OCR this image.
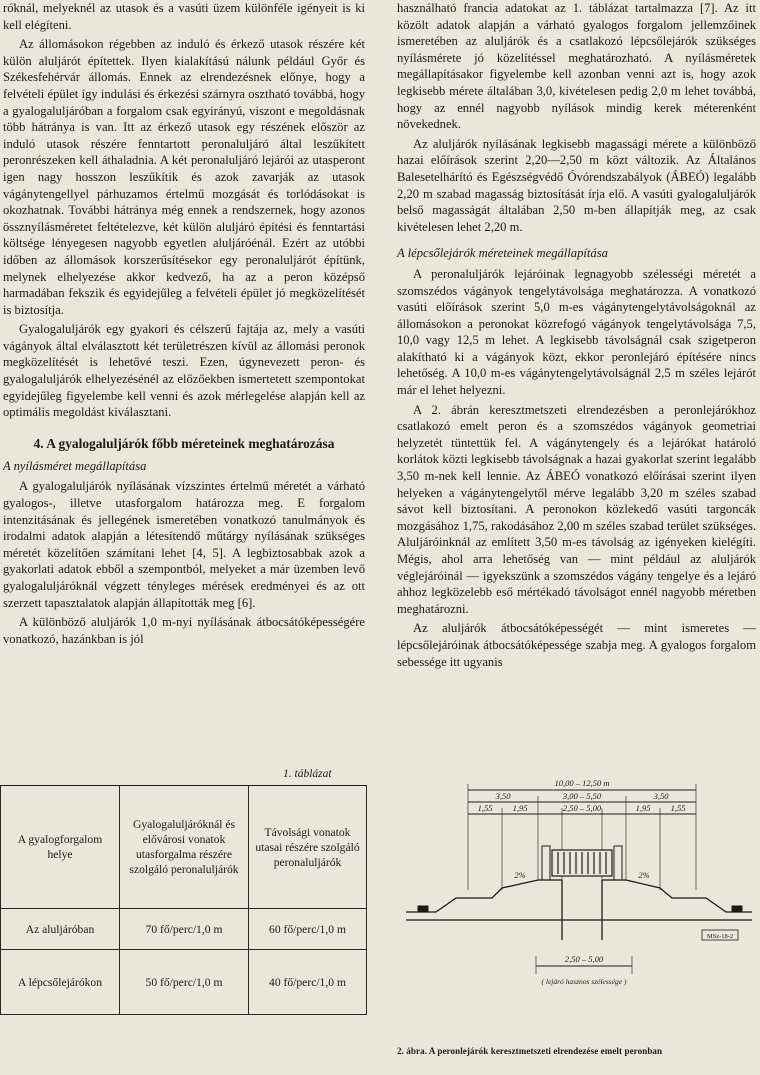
róknál, melyeknél az utasok és a vasúti üzem különféle igényeit is ki kell elégíteni.

Az állomásokon régebben az induló és érkező utasok részére két külön aluljárót építettek. Ilyen kialakítású nálunk például Győr és Székesfehérvár állomás. Ennek az elrendezésnek előnye, hogy a felvételi épület így indulási és érkezési szárnyra osztható továbbá, hogy a gyalogaluljáróban a forgalom csak egyirányú, viszont e megoldásnak több hátránya is van. Itt az érkező utasok egy részének először az induló utasok részére fenntartott peronaluljáró által leszűkített peronrészeken kell áthaladnia. A két peronaluljáró lejárói az utasperont igen nagy hosszon leszűkítik és azok zavarják az utasok vágánytengellyel párhuzamos értelmű mozgását és torlódásokat is okozhatnak. További hátránya még ennek a rendszernek, hogy azonos össznyílásméretet feltételezve, két külön aluljáró építési és fenntartási költsége lényegesen nagyobb egyetlen aluljáróénál. Ezért az utóbbi időben az állomások korszerűsítésekor egy peronaluljárót építünk, melynek elhelyezése akkor kedvező, ha az a peron középső harmadában fekszik és egyidejűleg a felvételi épület jó megközelítését is biztosítja.

Gyalogaluljárók egy gyakori és célszerű fajtája az, mely a vasúti vágányok által elválasztott két területrészen kívül az állomási peronok megközelítését is lehetővé teszi. Ezen, úgynevezett peron- és gyalogaluljárók elhelyezésénél az előzőekben ismertetett szempontokat egyidejűleg figyelembe kell venni és azok mérlegelése alapján kell az optimális megoldást kiválasztani.

4. A gyalogaluljárók főbb méreteinek meghatározása
A nyílásméret megállapítása

A gyalogaluljárók nyílásának vízszintes értelmű méretét a várható gyalogos-, illetve utasforgalom határozza meg. E forgalom intenzitásának és jellegének ismeretében vonatkozó tanulmányok és irodalmi adatok alapján a létesítendő műtárgy nyílásának szükséges méretét közelítően számítani lehet [4, 5]. A legbiztosabbak azok a gyakorlati adatok ebből a szempontból, melyeket a már üzemben levő gyalogaluljáróknál végzett tényleges mérések eredményei és az ott szerzett tapasztalatok alapján állapították meg [6].

A különböző aluljárók 1,0 m-nyi nyílásának átbocsátóképességére vonatkozó, hazánkban is jól

1. táblázat
A gyalogforgalom helye	Gyalogaluljáróknál és elővárosi vonatok utasforgalma részére szolgáló peronaluljárók	Távolsági vonatok utasai részére szolgáló peronaluljárók
Az aluljáróban	70 fő/perc/1,0 m	60 fő/perc/1,0 m
A lépcsőlejárókon	50 fő/perc/1,0 m	40 fő/perc/1,0 m

használható francia adatokat az 1. táblázat tartalmazza [7]. Az itt közölt adatok alapján a várható gyalogos forgalom jellemzőinek ismeretében az aluljárók és a csatlakozó lépcsőlejárók szükséges nyílásmérete jó közelítéssel meghatározható. A nyílásméretek megállapításakor figyelembe kell azonban venni azt is, hogy azok legkisebb mérete általában 3,0, kivételesen pedig 2,0 m lehet továbbá, hogy az ennél nagyobb nyílások mindig kerek méterenként növekednek.

Az aluljárók nyílásának legkisebb magassági mérete a különböző hazai előírások szerint 2,20—2,50 m közt változik. Az Általános Balesetelhárító és Egészségvédő Óvórendszabályok (ÁBEÓ) legalább 2,20 m szabad magasság biztosítását írja elő. A vasúti gyalogaluljárók belső magasságát általában 2,50 m-ben állapítják meg, az csak kivételesen lehet 2,20 m.

A lépcsőlejárók méreteinek megállapítása

A peronaluljárók lejáróinak legnagyobb szélességi méretét a szomszédos vágányok tengelytávolsága meghatározza. A vonatkozó vasúti előírások szerint 5,0 m-es vágánytengelytávolságoknál az állomásokon a peronokat közrefogó vágányok tengelytávolsága 7,5, 10,0 vagy 12,5 m lehet. A legkisebb távolságnál csak szigetperon alakítható ki a vágányok közt, ekkor peronlejáró építésére nincs lehetőség. A 10,0 m-es vágánytengelytávolságnál 2,5 m széles lejárót már el lehet helyezni.

A 2. ábrán keresztmetszeti elrendezésben a peronlejárókhoz csatlakozó emelt peron és a szomszédos vágányok geometriai helyzetét tüntettük fel. A vágánytengely és a lejárókat határoló korlátok közti legkisebb távolságnak a hazai gyakorlat szerint legalább 3,50 m-nek kell lennie. Az ÁBEÓ vonatkozó előírásai szerint ilyen helyeken a vágánytengelytől mérve legalább 3,20 m széles szabad sávot kell biztosítani. A peronokon közlekedő vasúti targoncák mozgásához 1,75, rakodásához 2,00 m széles szabad terület szükséges. Aluljáróinknál az említett 3,50 m-es távolság az igényeken kielégíti. Mégis, ahol arra lehetőség van — mint például az aluljárók véglejáróinál — igyekszünk a szomszédos vágány tengelye és a lejáró ahhoz legközelebb eső mértékadó távolságot ennél nagyobb méretben meghatározni.

Az aluljárók átbocsátóképességét — mint ismeretes — lépcsőlejáróinak átbocsátóképessége szabja meg. A gyalogos forgalom sebessége itt ugyanis

10,00 – 12,50 m
3,50	3,00 – 5,50	3,50
1,55 1,95	2,50 – 5,00	1,95 1,55
2%	2%
2,50 – 5,00
( lejáró hasznos szélessége )
MSz-18-2
2. ábra. A peronlejárók keresztmetszeti elrendezése emelt peronban
